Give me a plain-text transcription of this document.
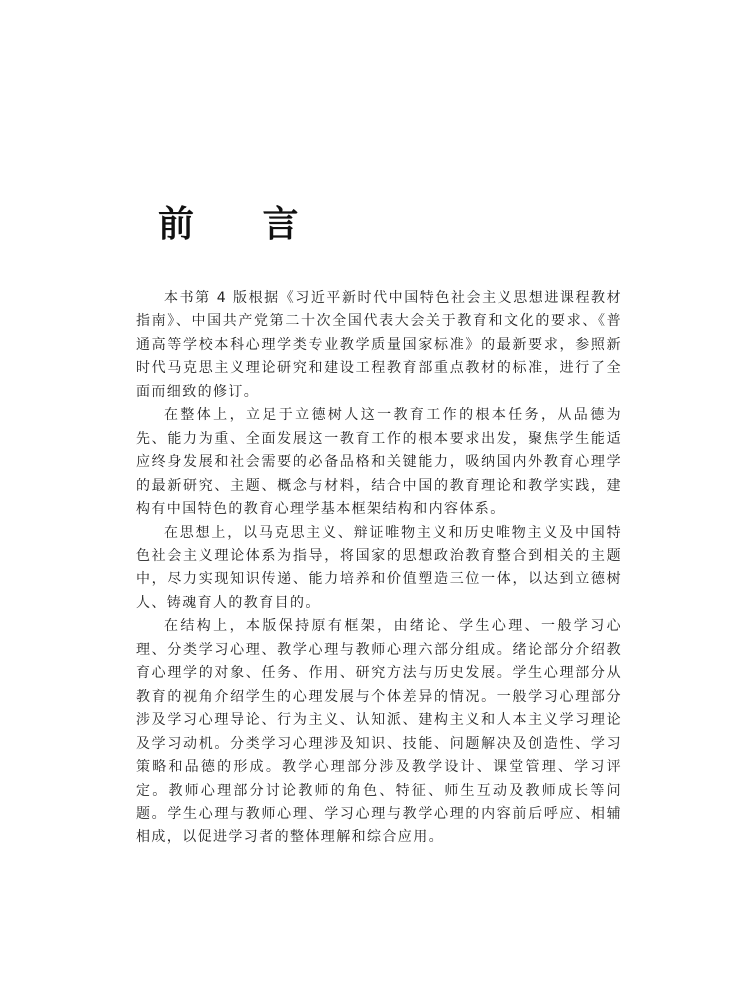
前 言

本书第 4 版根据《习近平新时代中国特色社会主义思想进课程教材指南》、中国共产党第二十次全国代表大会关于教育和文化的要求、《普通高等学校本科心理学类专业教学质量国家标准》的最新要求，参照新时代马克思主义理论研究和建设工程教育部重点教材的标准，进行了全面而细致的修订。

在整体上，立足于立德树人这一教育工作的根本任务，从品德为先、能力为重、全面发展这一教育工作的根本要求出发，聚焦学生能适应终身发展和社会需要的必备品格和关键能力，吸纳国内外教育心理学的最新研究、主题、概念与材料，结合中国的教育理论和教学实践，建构有中国特色的教育心理学基本框架结构和内容体系。

在思想上，以马克思主义、辩证唯物主义和历史唯物主义及中国特色社会主义理论体系为指导，将国家的思想政治教育整合到相关的主题中，尽力实现知识传递、能力培养和价值塑造三位一体，以达到立德树人、铸魂育人的教育目的。

在结构上，本版保持原有框架，由绪论、学生心理、一般学习心理、分类学习心理、教学心理与教师心理六部分组成。绪论部分介绍教育心理学的对象、任务、作用、研究方法与历史发展。学生心理部分从教育的视角介绍学生的心理发展与个体差异的情况。一般学习心理部分涉及学习心理导论、行为主义、认知派、建构主义和人本主义学习理论及学习动机。分类学习心理涉及知识、技能、问题解决及创造性、学习策略和品德的形成。教学心理部分涉及教学设计、课堂管理、学习评定。教师心理部分讨论教师的角色、特征、师生互动及教师成长等问题。学生心理与教师心理、学习心理与教学心理的内容前后呼应、相辅相成，以促进学习者的整体理解和综合应用。
